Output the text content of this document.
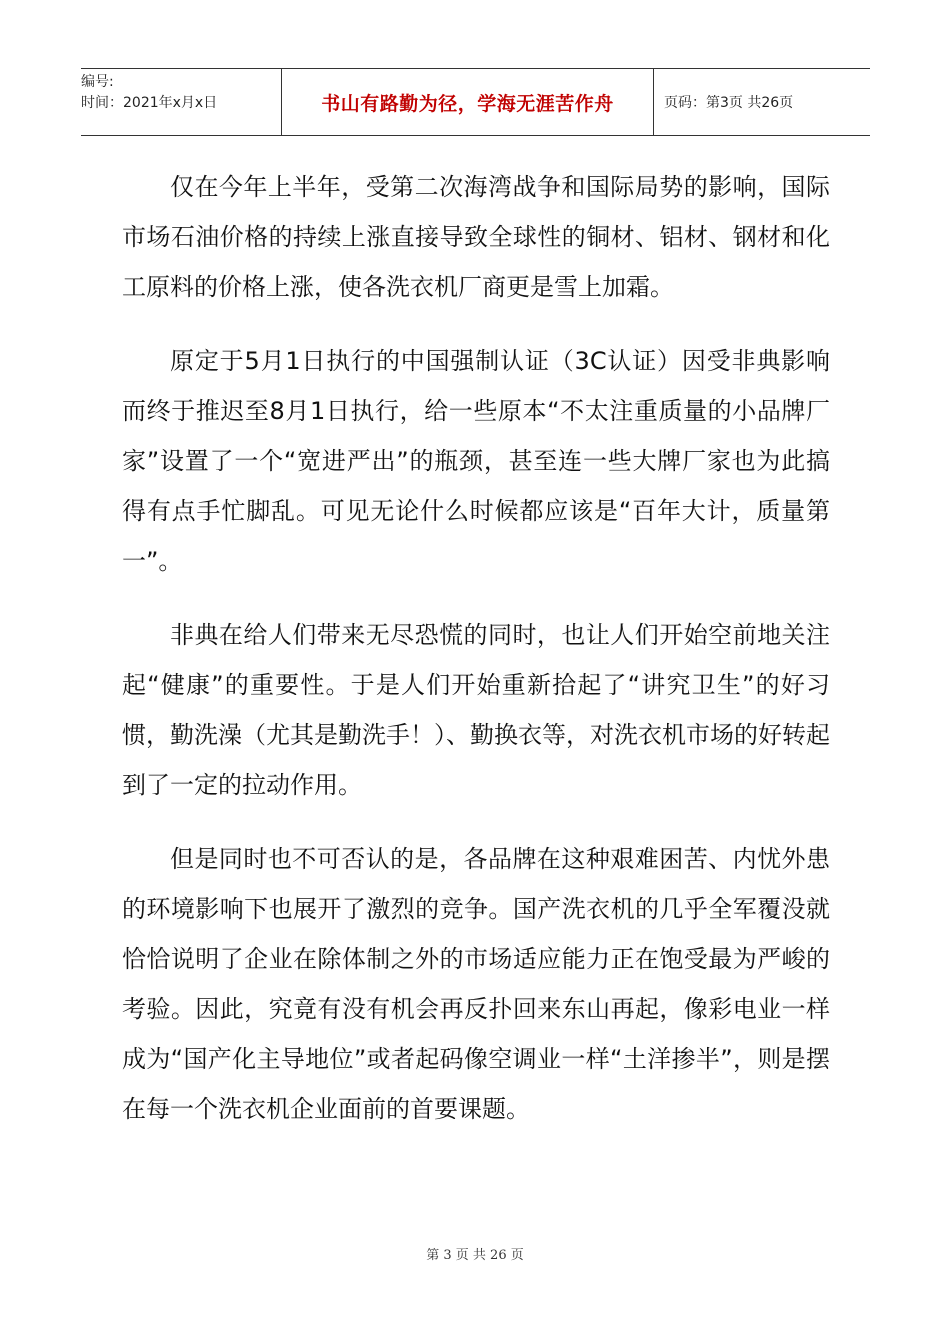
编号:
时间：2021年x月x日	书山有路勤为径，学海无涯苦作舟	页码：第3页 共26页

仅在今年上半年，受第二次海湾战争和国际局势的影响，国际市场石油价格的持续上涨直接导致全球性的铜材、铝材、钢材和化工原料的价格上涨，使各洗衣机厂商更是雪上加霜。

原定于5月1日执行的中国强制认证（3C认证）因受非典影响而终于推迟至8月1日执行，给一些原本“不太注重质量的小品牌厂家”设置了一个“宽进严出”的瓶颈，甚至连一些大牌厂家也为此搞得有点手忙脚乱。可见无论什么时候都应该是“百年大计，质量第一”。

非典在给人们带来无尽恐慌的同时，也让人们开始空前地关注起“健康”的重要性。于是人们开始重新拾起了“讲究卫生”的好习惯，勤洗澡（尤其是勤洗手！）、勤换衣等，对洗衣机市场的好转起到了一定的拉动作用。

但是同时也不可否认的是，各品牌在这种艰难困苦、内忧外患的环境影响下也展开了激烈的竞争。国产洗衣机的几乎全军覆没就恰恰说明了企业在除体制之外的市场适应能力正在饱受最为严峻的考验。因此，究竟有没有机会再反扑回来东山再起，像彩电业一样成为“国产化主导地位”或者起码像空调业一样“土洋掺半”，则是摆在每一个洗衣机企业面前的首要课题。

第 3 页 共 26 页
